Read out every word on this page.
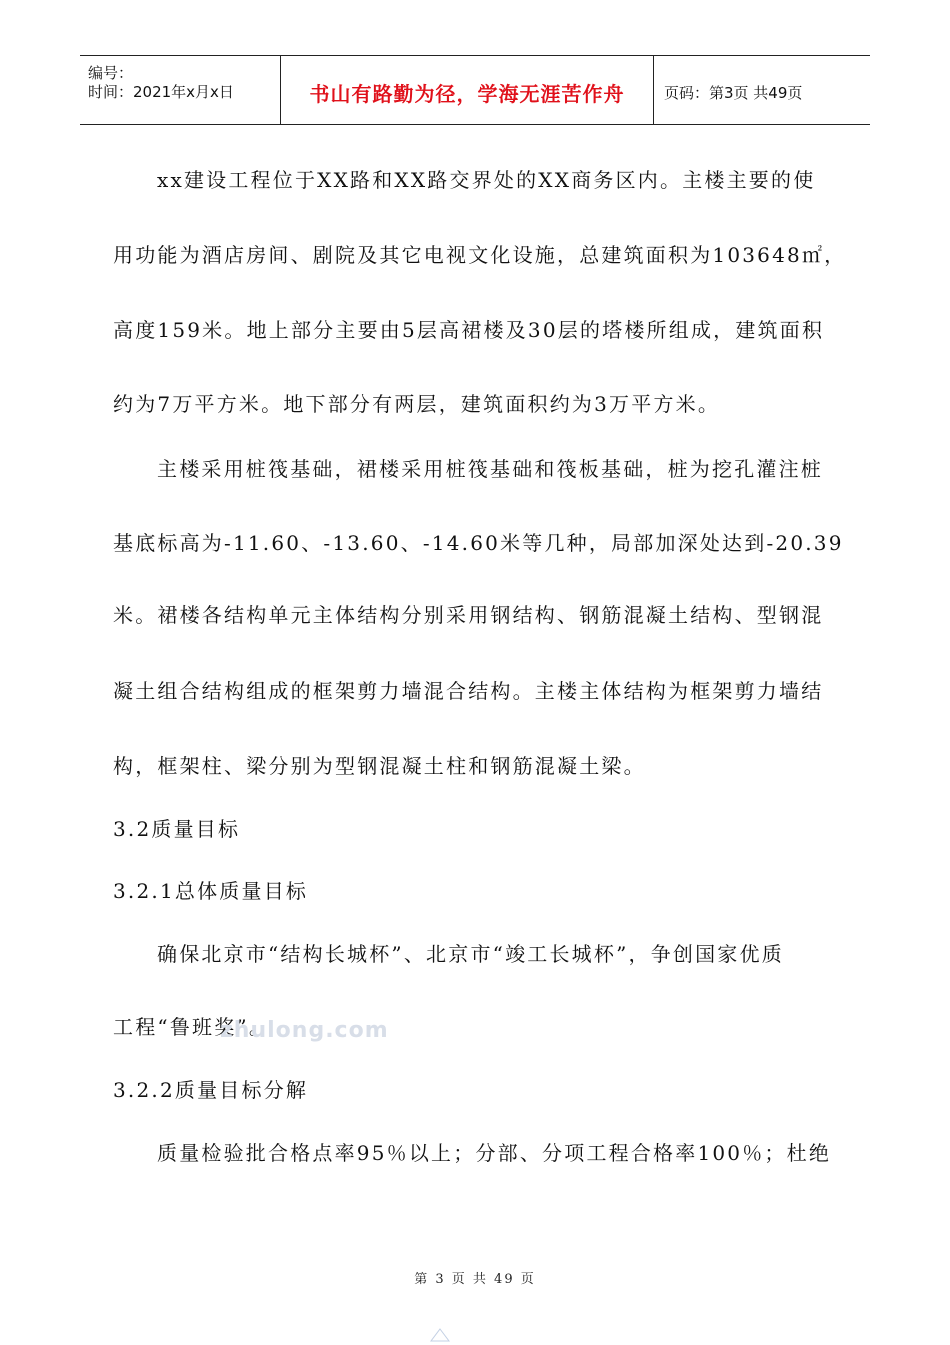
编号：
时间：2021年x月x日	书山有路勤为径，学海无涯苦作舟	页码：第3页 共49页
xx建设工程位于XX路和XX路交界处的XX商务区内。主楼主要的使
用功能为酒店房间、剧院及其它电视文化设施，总建筑面积为103648㎡，
高度159米。地上部分主要由5层高裙楼及30层的塔楼所组成，建筑面积
约为7万平方米。地下部分有两层，建筑面积约为3万平方米。
主楼采用桩筏基础，裙楼采用桩筏基础和筏板基础，桩为挖孔灌注桩
基底标高为-11.60、-13.60、-14.60米等几种，局部加深处达到-20.39
米。裙楼各结构单元主体结构分别采用钢结构、钢筋混凝土结构、型钢混
凝土组合结构组成的框架剪力墙混合结构。主楼主体结构为框架剪力墙结
构，框架柱、梁分别为型钢混凝土柱和钢筋混凝土梁。
3.2质量目标
3.2.1总体质量目标
确保北京市“结构长城杯”、北京市“竣工长城杯”，争创国家优质
工程“鲁班奖”。
zhulong.com
3.2.2质量目标分解
质量检验批合格点率95％以上；分部、分项工程合格率100％；杜绝
第 3 页 共 49 页
